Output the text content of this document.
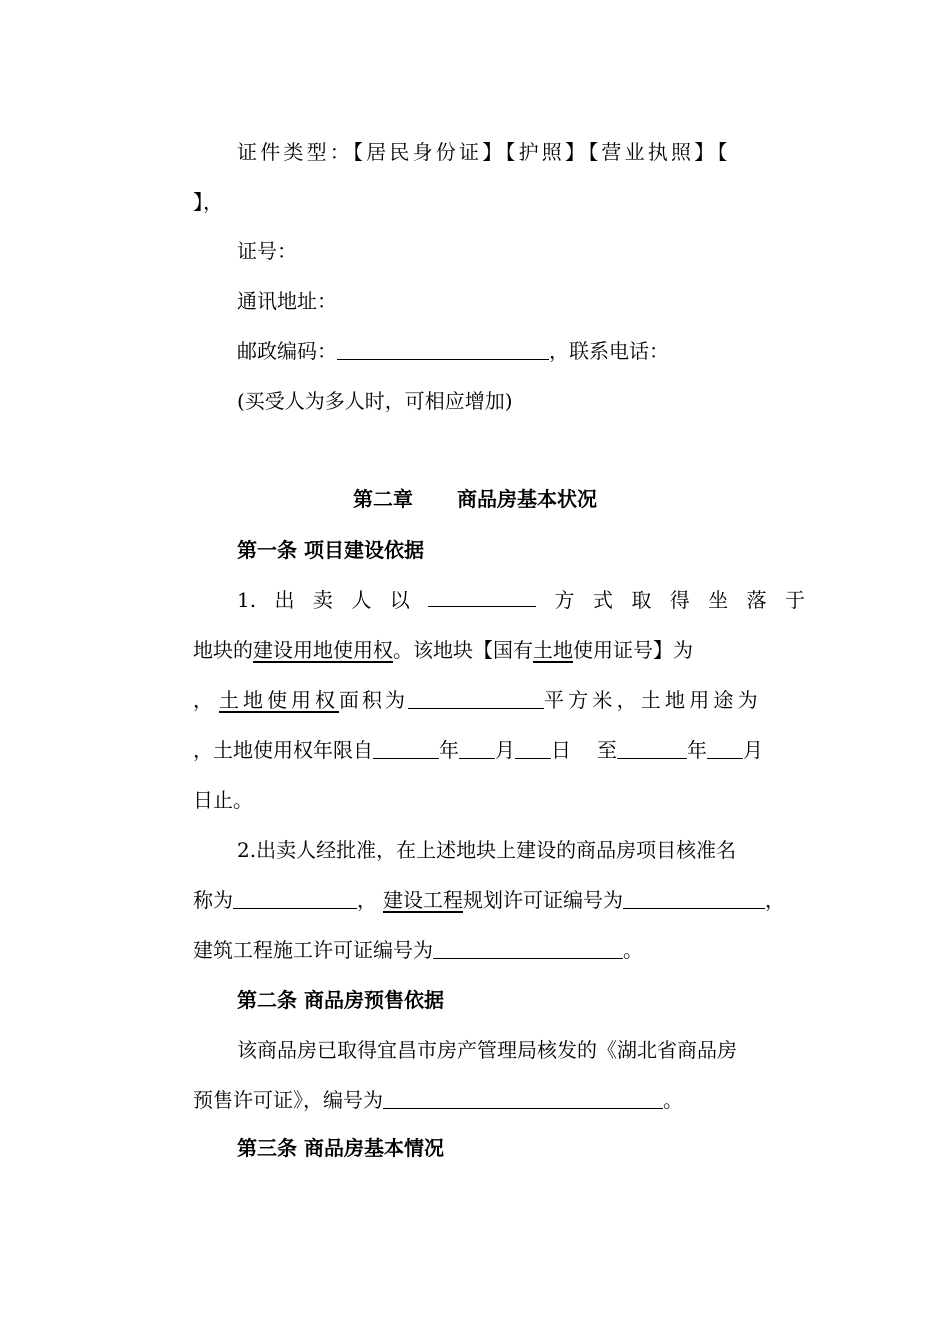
证件类型：【居民身份证】【护照】【营业执照】【
】，
证号：
通讯地址：
邮政编码：	，联系电话：
(买受人为多人时，可相应增加)
第二章 商品房基本状况
第一条 项目建设依据
1. 出 卖 人 以	方 式 取 得 坐 落 于
地块的建设用地使用权。该地块【国有土地使用证号】为
， 土地使用权面积为	平方米，土地用途为
，土地使用权年限自	年 月 日 至	年 月
日止。
2.出卖人经批准，在上述地块上建设的商品房项目核准名
称为	， 建设工程规划许可证编号为	，
建筑工程施工许可证编号为	。
第二条 商品房预售依据
该商品房已取得宜昌市房产管理局核发的《湖北省商品房
预售许可证》，编号为	。
第三条 商品房基本情况
